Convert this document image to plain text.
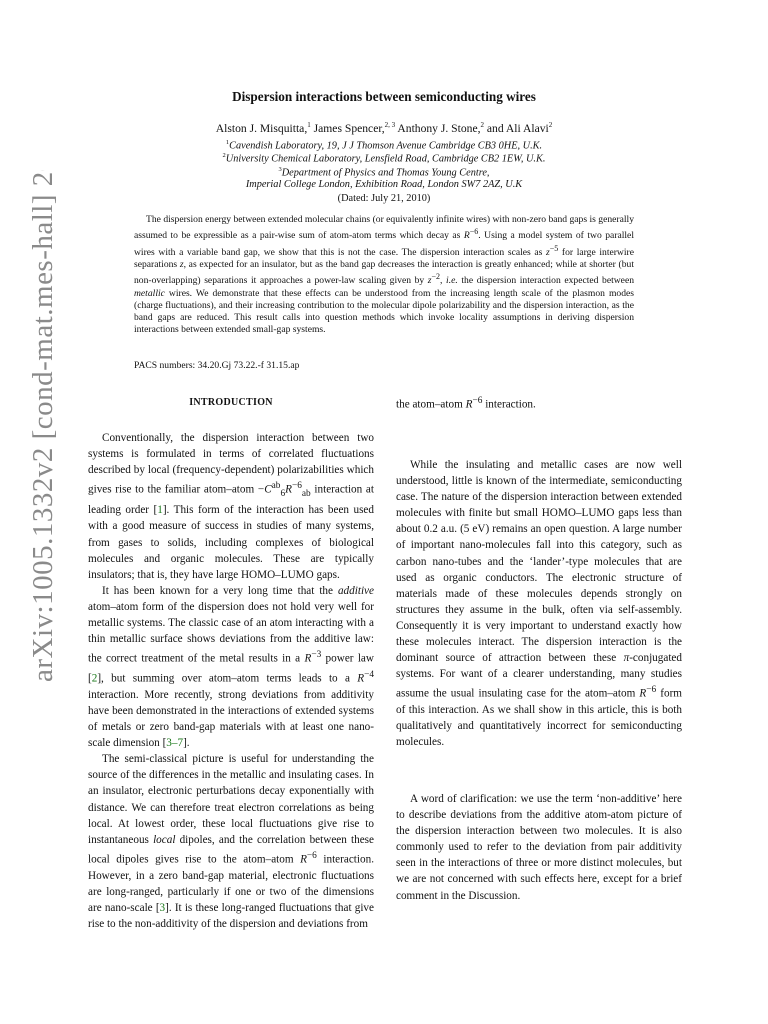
arXiv:1005.1332v2 [cond-mat.mes-hall] 20 Jul 2010	Dispersion interactions between semiconducting wires
Alston J. Misquitta,$^1$ James Spencer,$^{2, 3}$ Anthony J. Stone,$^2$ and Ali Alavi$^2$
$^1$Cavendish Laboratory, 19, J J Thomson Avenue Cambridge CB3 0HE, U.K.
$^2$University Chemical Laboratory, Lensfield Road, Cambridge CB2 1EW, U.K.
$^3$Department of Physics and Thomas Young Centre,
Imperial College London, Exhibition Road, London SW7 2AZ, U.K
(Dated: July 21, 2010)

The dispersion energy between extended molecular chains (or equivalently infinite wires) with non-zero band gaps is generally assumed to be expressible as a pair-wise sum of atom-atom terms which decay as $R^{-6}$. Using a model system of two parallel wires with a variable band gap, we show that this is not the case. The dispersion interaction scales as $z^{-5}$ for large interwire separations z, as expected for an insulator, but as the band gap decreases the interaction is greatly enhanced; while at shorter (but non-overlapping) separations it approaches a power-law scaling given by $z^{-2}$, i.e. the dispersion interaction expected between metallic wires. We demonstrate that these effects can be understood from the increasing length scale of the plasmon modes (charge fluctuations), and their increasing contribution to the molecular dipole polarizability and the dispersion interaction, as the band gaps are reduced. This result calls into question methods which invoke locality assumptions in deriving dispersion interactions between extended small-gap systems.

PACS numbers: 34.20.Gj 73.22.-f 31.15.ap
INTRODUCTION	the atom–atom $R^{-6}$ interaction.

Conventionally, the dispersion interaction between two systems is formulated in terms of correlated fluctuations described by local (frequency-dependent) polarizabilities which gives rise to the familiar atom–atom $-C^{ab}_6R^{-6}_{ab}$ interaction at leading order [1]. This form of the interaction has been used with a good measure of success in studies of many systems, from gases to solids, including complexes of biological molecules and organic molecules. These are typically insulators; that is, they have large HOMO–LUMO gaps.

It has been known for a very long time that the additive atom–atom form of the dispersion does not hold very well for metallic systems. The classic case of an atom interacting with a thin metallic surface shows deviations from the additive law: the correct treatment of the metal results in a $R^{-3}$ power law [2], but summing over atom–atom terms leads to a $R^{-4}$ interaction. More recently, strong deviations from additivity have been demonstrated in the interactions of extended systems of metals or zero band-gap materials with at least one nano-scale dimension [3–7].

The semi-classical picture is useful for understanding the source of the differences in the metallic and insulating cases. In an insulator, electronic perturbations decay exponentially with distance. We can therefore treat electron correlations as being local. At lowest order, these local fluctuations give rise to instantaneous local dipoles, and the correlation between these local dipoles gives rise to the atom–atom $R^{-6}$ interaction. However, in a zero band-gap material, electronic fluctuations are long-ranged, particularly if one or two of the dimensions are nano-scale [3]. It is these long-ranged fluctuations that give rise to the non-additivity of the dispersion and deviations from

While the insulating and metallic cases are now well understood, little is known of the intermediate, semiconducting case. The nature of the dispersion interaction between extended molecules with finite but small HOMO–LUMO gaps less than about 0.2 a.u. (5 eV) remains an open question. A large number of important nano-molecules fall into this category, such as carbon nano-tubes and the ‘lander’-type molecules that are used as organic conductors. The electronic structure of materials made of these molecules depends strongly on structures they assume in the bulk, often via self-assembly. Consequently it is very important to understand exactly how these molecules interact. The dispersion interaction is the dominant source of attraction between these π-conjugated systems. For want of a clearer understanding, many studies assume the usual insulating case for the atom–atom $R^{-6}$ form of this interaction. As we shall show in this article, this is both qualitatively and quantitatively incorrect for semiconducting molecules.

A word of clarification: we use the term ‘non-additive’ here to describe deviations from the additive atom-atom picture of the dispersion interaction between two molecules. It is also commonly used to refer to the deviation from pair additivity seen in the interactions of three or more distinct molecules, but we are not concerned with such effects here, except for a brief comment in the Discussion.
